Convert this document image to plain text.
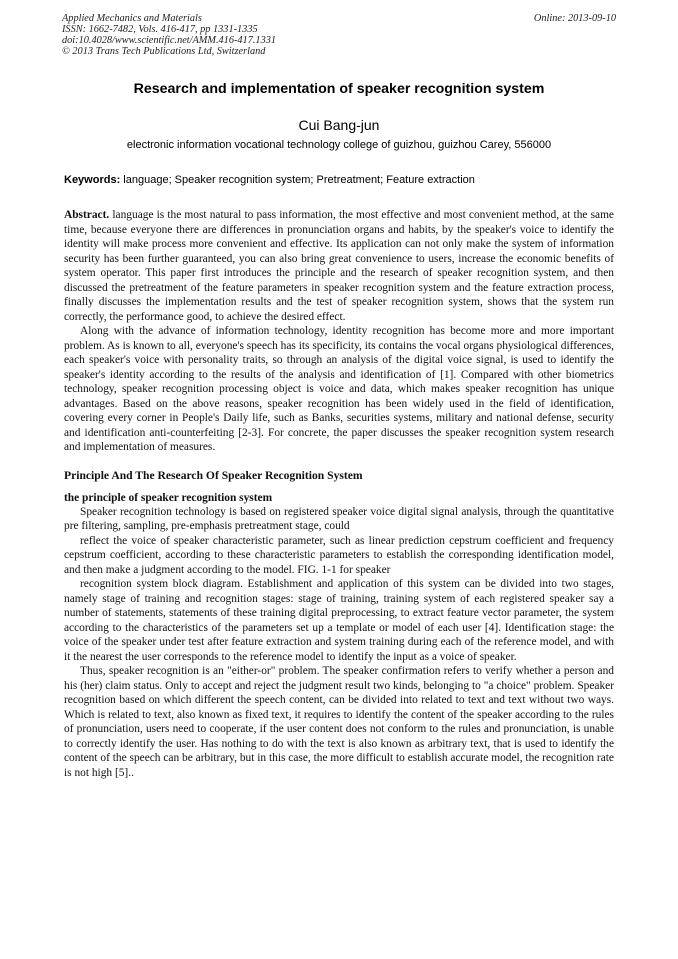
Applied Mechanics and Materials
ISSN: 1662-7482, Vols. 416-417, pp 1331-1335
doi:10.4028/www.scientific.net/AMM.416-417.1331
© 2013 Trans Tech Publications Ltd, Switzerland
Online: 2013-09-10
Research and implementation of speaker recognition system
Cui Bang-jun
electronic information vocational technology college of guizhou, guizhou Carey, 556000
Keywords: language; Speaker recognition system; Pretreatment; Feature extraction

Abstract. language is the most natural to pass information, the most effective and most convenient method, at the same time, because everyone there are differences in pronunciation organs and habits, by the speaker's voice to identify the identity will make process more convenient and effective. Its application can not only make the system of information security has been further guaranteed, you can also bring great convenience to users, increase the economic benefits of system operator. This paper first introduces the principle and the research of speaker recognition system, and then discussed the pretreatment of the feature parameters in speaker recognition system and the feature extraction process, finally discusses the implementation results and the test of speaker recognition system, shows that the system run correctly, the performance good, to achieve the desired effect.

Along with the advance of information technology, identity recognition has become more and more important problem. As is known to all, everyone's speech has its specificity, its contains the vocal organs physiological differences, each speaker's voice with personality traits, so through an analysis of the digital voice signal, is used to identify the speaker's identity according to the results of the analysis and identification of [1]. Compared with other biometrics technology, speaker recognition processing object is voice and data, which makes speaker recognition has unique advantages. Based on the above reasons, speaker recognition has been widely used in the field of identification, covering every corner in People's Daily life, such as Banks, securities systems, military and national defense, security and identification anti-counterfeiting [2-3]. For concrete, the paper discusses the speaker recognition system research and implementation of measures.

Principle And The Research Of Speaker Recognition System
the principle of speaker recognition system

Speaker recognition technology is based on registered speaker voice digital signal analysis, through the quantitative pre filtering, sampling, pre-emphasis pretreatment stage, could

reflect the voice of speaker characteristic parameter, such as linear prediction cepstrum coefficient and frequency cepstrum coefficient, according to these characteristic parameters to establish the corresponding identification model, and then make a judgment according to the model. FIG. 1-1 for speaker

recognition system block diagram. Establishment and application of this system can be divided into two stages, namely stage of training and recognition stages: stage of training, training system of each registered speaker say a number of statements, statements of these training digital preprocessing, to extract feature vector parameter, the system according to the characteristics of the parameters set up a template or model of each user [4]. Identification stage: the voice of the speaker under test after feature extraction and system training during each of the reference model, and with it the nearest the user corresponds to the reference model to identify the input as a voice of speaker.

Thus, speaker recognition is an "either-or" problem. The speaker confirmation refers to verify whether a person and his (her) claim status. Only to accept and reject the judgment result two kinds, belonging to "a choice" problem. Speaker recognition based on which different the speech content, can be divided into related to text and text without two ways. Which is related to text, also known as fixed text, it requires to identify the content of the speaker according to the rules of pronunciation, users need to cooperate, if the user content does not conform to the rules and pronunciation, is unable to correctly identify the user. Has nothing to do with the text is also known as arbitrary text, that is used to identify the content of the speech can be arbitrary, but in this case, the more difficult to establish accurate model, the recognition rate is not high [5]..
